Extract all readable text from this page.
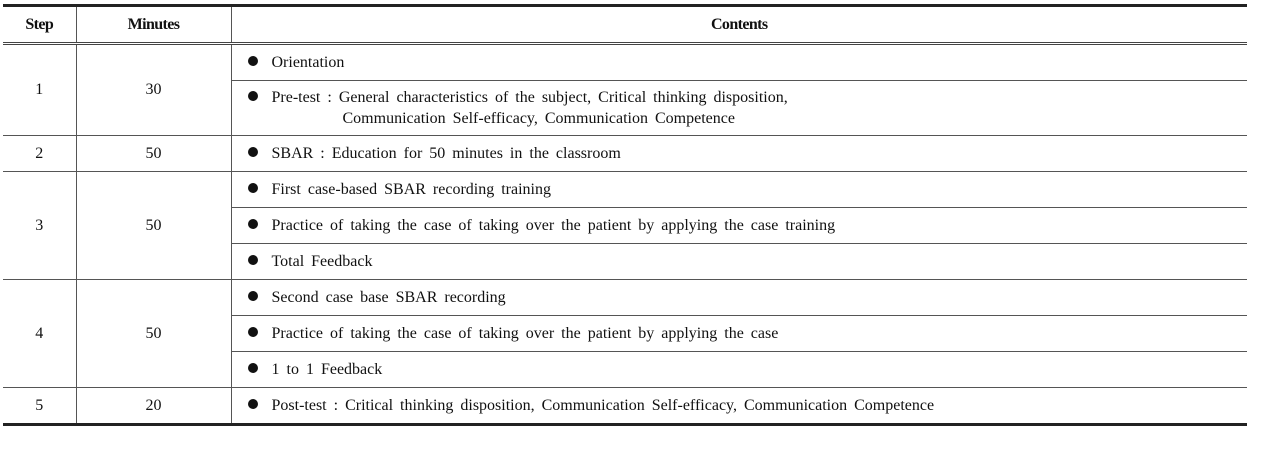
Step	Minutes	Contents
1	30	Orientation
		Pre-test : General characteristics of the subject, Critical thinking disposition,
Communication Self-efficacy, Communication Competence

2	50	SBAR : Education for 50 minutes in the classroom
3	50	First case-based SBAR recording training
		Practice of taking the case of taking over the patient by applying the case training
		Total Feedback
4	50	Second case base SBAR recording
		Practice of taking the case of taking over the patient by applying the case
		1 to 1 Feedback
5	20	Post-test : Critical thinking disposition, Communication Self-efficacy, Communication Competence
